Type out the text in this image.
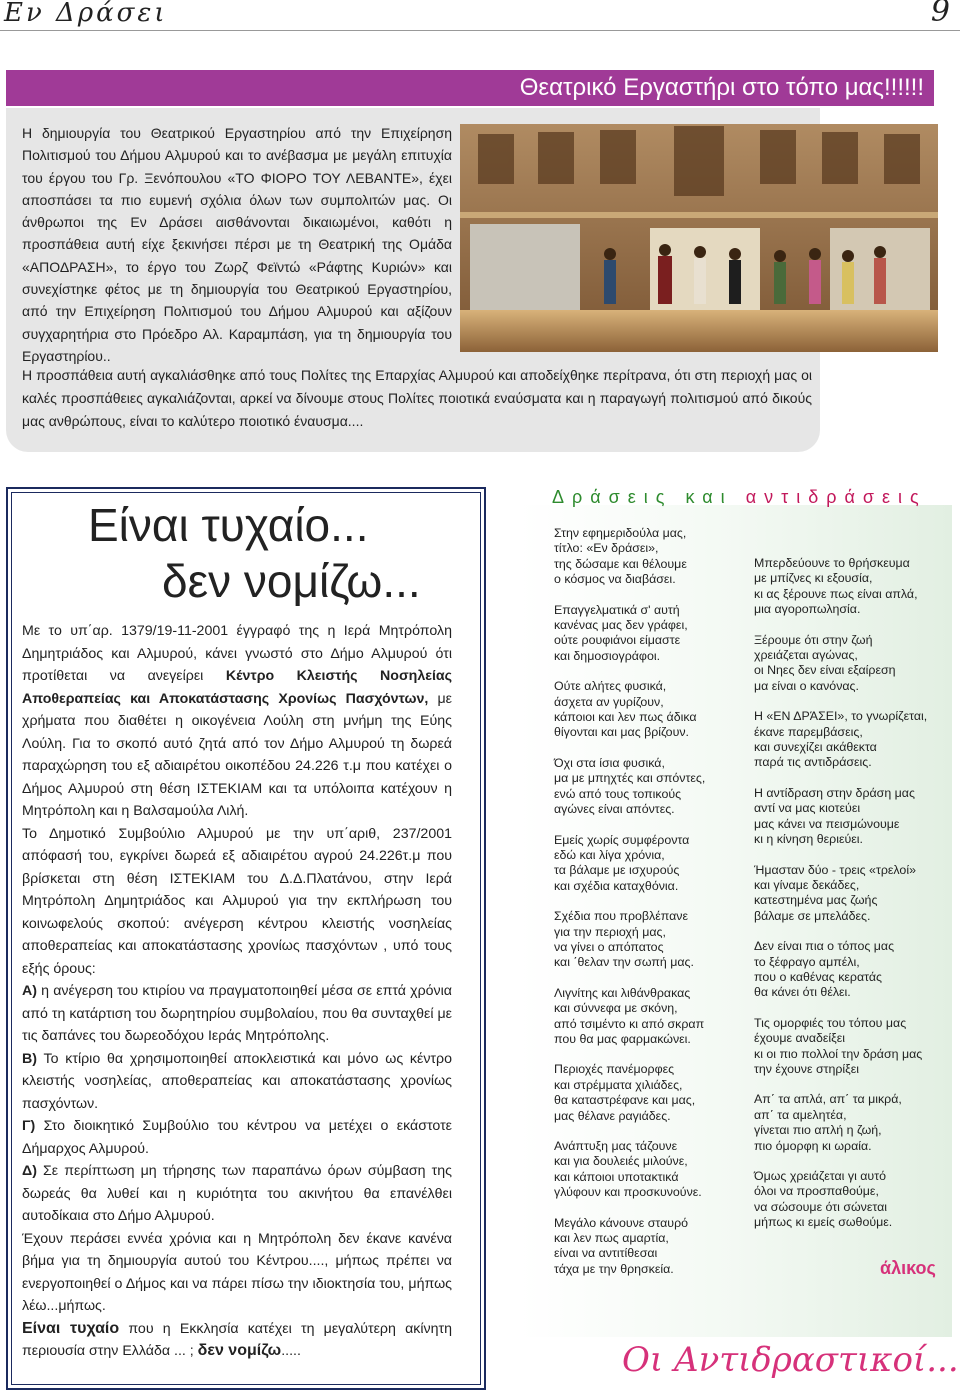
Εν Δράσει	9
Θεατρικό Εργαστήρι στο τόπο μας!!!!!!
Η δημιουργία του Θεατρικού Εργαστηρίου από την Επιχείρηση Πολιτισμού του Δήμου Αλμυρού και το ανέβασμα με μεγάλη επιτυχία του έργου του Γρ. Ξενόπουλου «ΤΟ ΦΙΟΡΟ ΤΟΥ ΛΕΒΑΝΤΕ», έχει αποσπάσει τα πιο ευμενή σχόλια όλων των συμπολιτών μας. Οι άνθρωποι της Εν Δράσει αισθάνονται δικαιωμένοι, καθότι η προσπάθεια αυτή είχε ξεκινήσει πέρσι με τη Θεατρική της Ομάδα «ΑΠΟΔΡΑΣΗ», το έργο του Ζωρζ Φεϊντώ «Ράφτης Κυριών» και συνεχίστηκε φέτος με τη δημιουργία του Θεατρικού Εργαστηρίου, από την Επιχείρηση Πολιτισμού του Δήμου Αλμυρού και αξίζουν συγχαρητήρια στο Πρόεδρο Αλ. Καραμπάση, για τη δημιουργία του Εργαστηρίου..
Η προσπάθεια αυτή αγκαλιάσθηκε από τους Πολίτες της Επαρχίας Αλμυρού και αποδείχθηκε περίτρανα, ότι στη περιοχή μας οι καλές προσπάθειες αγκαλιάζονται, αρκεί να δίνουμε στους Πολίτες ποιοτικά εναύσματα και η παραγωγή πολιτισμού από δικούς μας ανθρώπους, είναι το καλύτερο ποιοτικό έναυσμα....
Είναι τυχαίο...
δεν νομίζω...

Με το υπ΄αρ. 1379/19-11-2001 έγγραφό της η Ιερά Μητρόπολη Δημητριάδος και Αλμυρού, κάνει γνωστό στο Δήμο Αλμυρού ότι προτίθεται να ανεγείρει Κέντρο Κλειστής Νοσηλείας Αποθεραπείας και Αποκατάστασης Χρονίως Πασχόντων, με χρήματα που διαθέτει η οικογένεια Λούλη στη μνήμη της Εύης Λούλη. Για το σκοπό αυτό ζητά από τον Δήμο Αλμυρού τη δωρεά παραχώρηση του εξ αδιαιρέτου οικοπέδου 24.226 τ.μ που κατέχει ο Δήμος Αλμυρού στη θέση ΙΣΤΕΚΙΑΜ και τα υπόλοιπα κατέχουν η Μητρόπολη και η Βαλσαμούλα Λιλή.

Το Δημοτικό Συμβούλιο Αλμυρού με την υπ΄αριθ, 237/2001 απόφασή του, εγκρίνει δωρεά εξ αδιαιρέτου αγρού 24.226τ.μ που βρίσκεται στη θέση ΙΣΤΕΚΙΑΜ του Δ.Δ.Πλατάνου, στην Ιερά Μητρόπολη Δημητριάδος και Αλμυρού για την εκπλήρωση του κοινωφελούς σκοπού: ανέγερση κέντρου κλειστής νοσηλείας αποθεραπείας και αποκατάστασης χρονίως πασχόντων , υπό τους εξής όρους:

Α) η ανέγερση του κτιρίου να πραγματοποιηθεί μέσα σε επτά χρόνια από τη κατάρτιση του δωρητηρίου συμβολαίου, που θα συνταχθεί με τις δαπάνες του δωρεοδόχου Ιεράς Μητρόπολης.

Β) Το κτίριο θα χρησιμοποιηθεί αποκλειστικά και μόνο ως κέντρο κλειστής νοσηλείας, αποθεραπείας και αποκατάστασης χρονίως πασχόντων.

Γ) Στο διοικητικό Συμβούλιο του κέντρου να μετέχει ο εκάστοτε Δήμαρχος Αλμυρού.

Δ) Σε περίπτωση μη τήρησης των παραπάνω όρων σύμβαση της δωρεάς θα λυθεί και η κυριότητα του ακινήτου θα επανέλθει αυτοδίκαια στο Δήμο Αλμυρού.

Έχουν περάσει εννέα χρόνια και η Μητρόπολη δεν έκανε κανένα βήμα για τη δημιουργία αυτού του Κέντρου...., μήπως πρέπει να ενεργοποιηθεί ο Δήμος και να πάρει πίσω την ιδιοκτησία του, μήπως λέω...μήπως.

Είναι τυχαίο που η Εκκλησία κατέχει τη μεγαλύτερη ακίνητη περιουσία στην Ελλάδα ... ; δεν νομίζω.....

Δράσεις και αντιδράσεις

Στην εφημεριδούλα μας,
τίτλο: «Εν δράσει»,
της δώσαμε και θέλουμε
ο κόσμος να διαβάσει.

Επαγγελματικά σ' αυτή
κανένας μας δεν γράφει,
ούτε ρουφιάνοι είμαστε
και δημοσιογράφοι.

Ούτε αλήτες φυσικά,
άσχετα αν γυρίζουν,
κάποιοι και λεν πως άδικα
θίγονται και μας βρίζουν.

Όχι στα ίσια φυσικά,
μα με μπηχτές και σπόντες,
ενώ από τους τοπικούς
αγώνες είναι απόντες.

Εμείς χωρίς συμφέροντα
εδώ και λίγα χρόνια,
τα βάλαμε με ισχυρούς
και σχέδια καταχθόνια.

Σχέδια που προβλέπανε
για την περιοχή μας,
να γίνει ο απόπατος
και ΄θελαν την σωπή μας.

Λιγνίτης και λιθάνθρακας
και σύννεφα με σκόνη,
από τσιμέντο κι από σκραπ
που θα μας φαρμακώνει.

Περιοχές πανέμορφες
και στρέμματα χιλιάδες,
θα καταστρέφανε και μας,
μας θέλανε ραγιάδες.

Ανάπτυξη μας τάζουνε
και για δουλειές μιλούνε,
και κάποιοι υποτακτικά
γλύφουν και προσκυνούνε.

Μεγάλο κάνουνε σταυρό
και λεν πως αμαρτία,
είναι να αντιτίθεσαι
τάχα με την θρησκεία.

Μπερδεύουνε το θρήσκευμα
με μπίζνες κι εξουσία,
κι ας ξέρουνε πως είναι απλά,
μια αγοροπωλησία.

Ξέρουμε ότι στην ζωή
χρειάζεται αγώνας,
οι Νηες δεν είναι εξαίρεση
μα είναι ο κανόνας.

Η «ΕΝ ΔΡΆΣΕΙ», το γνωρίζεται,
έκανε παρεμβάσεις,
και συνεχίζει ακάθεκτα
παρά τις αντιδράσεις.

Η αντίδραση στην δράση μας
αντί να μας κιοτεύει
μας κάνει να πεισμώνουμε
κι η κίνηση θεριεύει.

Ήμασταν δύο - τρεις «τρελοί»
και γίναμε δεκάδες,
κατεστημένα μας ζωής
βάλαμε σε μπελάδες.

Δεν είναι πια ο τόπος μας
το ξέφραγο αμπέλι,
που ο καθένας κερατάς
θα κάνει ότι θέλει.

Τις ομορφιές του τόπου μας
έχουμε αναδείξει
κι οι πιο πολλοί την δράση μας
την έχουνε στηρίξει

Απ΄ τα απλά, απ΄ τα μικρά,
απ΄ τα αμελητέα,
γίνεται πιο απλή η ζωή,
πιο όμορφη κι ωραία.

Όμως χρειάζεται γι αυτό
όλοι να προσπαθούμε,
να σώσουμε ότι σώνεται
μήπως κι εμείς σωθούμε.

άλικος
Οι Αντιδραστικοί...
